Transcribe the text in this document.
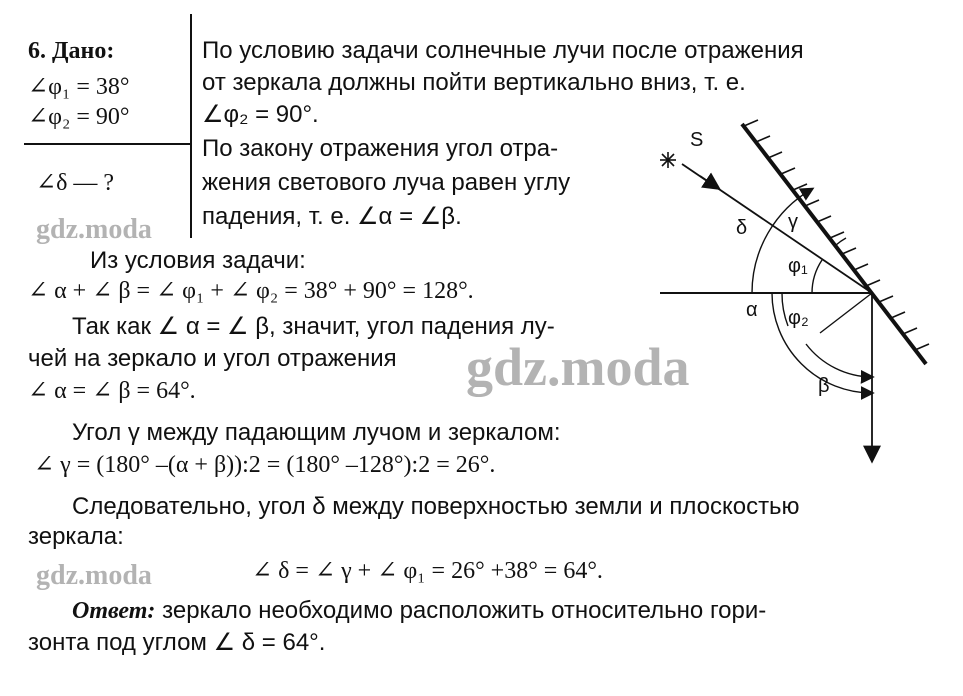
6. Дано:
∠φ₁ = 38°
∠φ₂ = 90°
∠δ — ?
По условию задачи солнечные лучи после отражения
от зеркала должны пойти вертикально вниз, т. е.
∠φ₂ = 90°.
По закону отражения угол отра-
жения светового луча равен углу
падения, т. е. ∠α = ∠β.
Из условия задачи:
∠ α + ∠ β = ∠ φ₁ + ∠ φ₂ = 38° + 90° = 128°.
Так как ∠ α = ∠ β, значит, угол падения лу-
чей на зеркало и угол отражения
∠ α = ∠ β = 64°.
Угол γ между падающим лучом и зеркалом:
∠ γ = (180° –(α + β)):2 = (180° –128°):2 = 26°.
Следовательно, угол δ между поверхностью земли и плоскостью
зеркала:
∠ δ = ∠ γ + ∠ φ₁ = 26° +38° = 64°.
Ответ: зеркало необходимо расположить относительно гори-
зонта под углом ∠ δ = 64°.
gdz.moda
gdz.moda
gdz.moda
S
δ γ
φ₁
α φ₂
β
